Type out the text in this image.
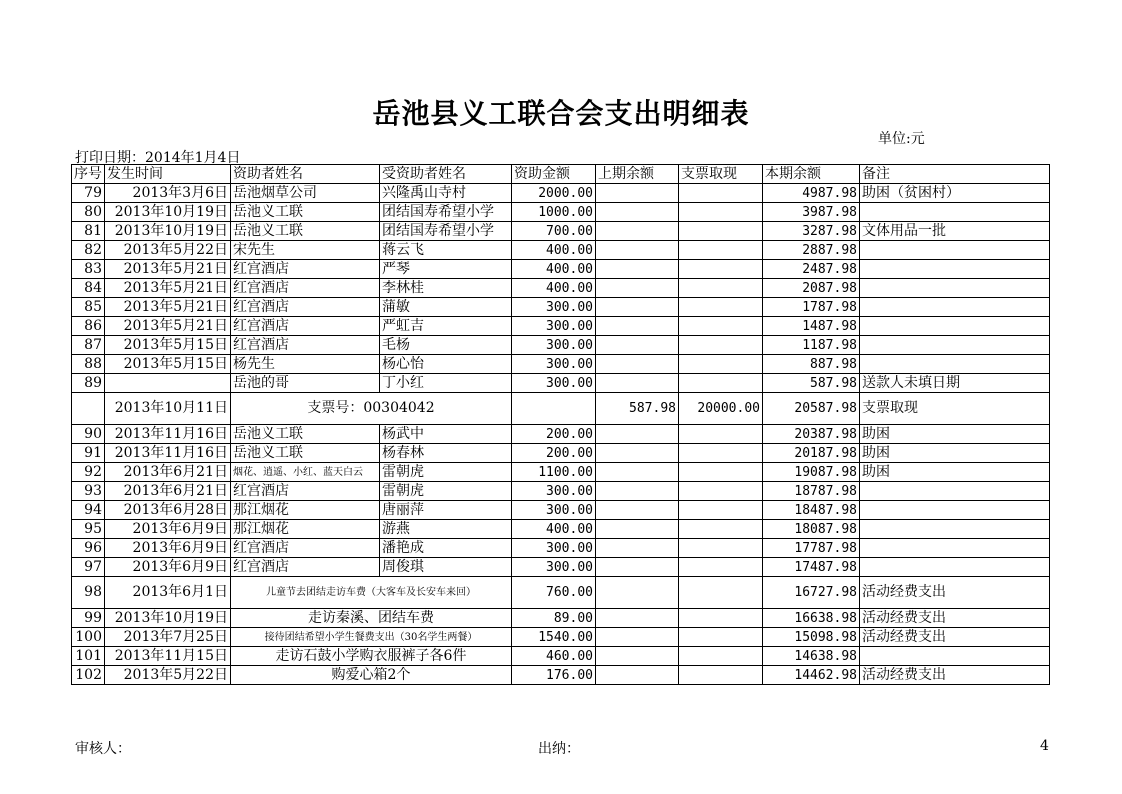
岳池县义工联合会支出明细表
单位:元
打印日期：2014年1月4日
序号	发生时间	资助者姓名	受资助者姓名	资助金额	上期余额	支票取现	本期余额	备注
79	2013年3月6日	岳池烟草公司	兴隆禹山寺村	2000.00			4987.98	助困（贫困村）
80	2013年10月19日	岳池义工联	团结国寿希望小学	1000.00			3987.98	
81	2013年10月19日	岳池义工联	团结国寿希望小学	700.00			3287.98	文体用品一批
82	2013年5月22日	宋先生	蒋云飞	400.00			2887.98	
83	2013年5月21日	红宫酒店	严琴	400.00			2487.98	
84	2013年5月21日	红宫酒店	李林桂	400.00			2087.98	
85	2013年5月21日	红宫酒店	蒲敏	300.00			1787.98	
86	2013年5月21日	红宫酒店	严虹吉	300.00			1487.98	
87	2013年5月15日	红宫酒店	毛杨	300.00			1187.98	
88	2013年5月15日	杨先生	杨心怡	300.00			887.98	
89		岳池的哥	丁小红	300.00			587.98	送款人未填日期
	2013年10月11日	支票号：00304042			587.98	20000.00	20587.98	支票取现
90	2013年11月16日	岳池义工联	杨武中	200.00			20387.98	助困
91	2013年11月16日	岳池义工联	杨春林	200.00			20187.98	助困
92	2013年6月21日	烟花、逍遥、小红、蓝天白云	雷朝虎	1100.00			19087.98	助困
93	2013年6月21日	红宫酒店	雷朝虎	300.00			18787.98	
94	2013年6月28日	那江烟花	唐丽萍	300.00			18487.98	
95	2013年6月9日	那江烟花	游燕	400.00			18087.98	
96	2013年6月9日	红宫酒店	潘艳成	300.00			17787.98	
97	2013年6月9日	红宫酒店	周俊琪	300.00			17487.98	
98	2013年6月1日	儿童节去团结走访车费（大客车及长安车来回）		760.00			16727.98	活动经费支出
99	2013年10月19日	走访秦溪、团结车费		89.00			16638.98	活动经费支出
100	2013年7月25日	接待团结希望小学生餐费支出（30名学生两餐）		1540.00			15098.98	活动经费支出
101	2013年11月15日	走访石鼓小学购衣服裤子各6件		460.00			14638.98	
102	2013年5月22日	购爱心箱2个		176.00			14462.98	活动经费支出
审核人：	出纳：	4
